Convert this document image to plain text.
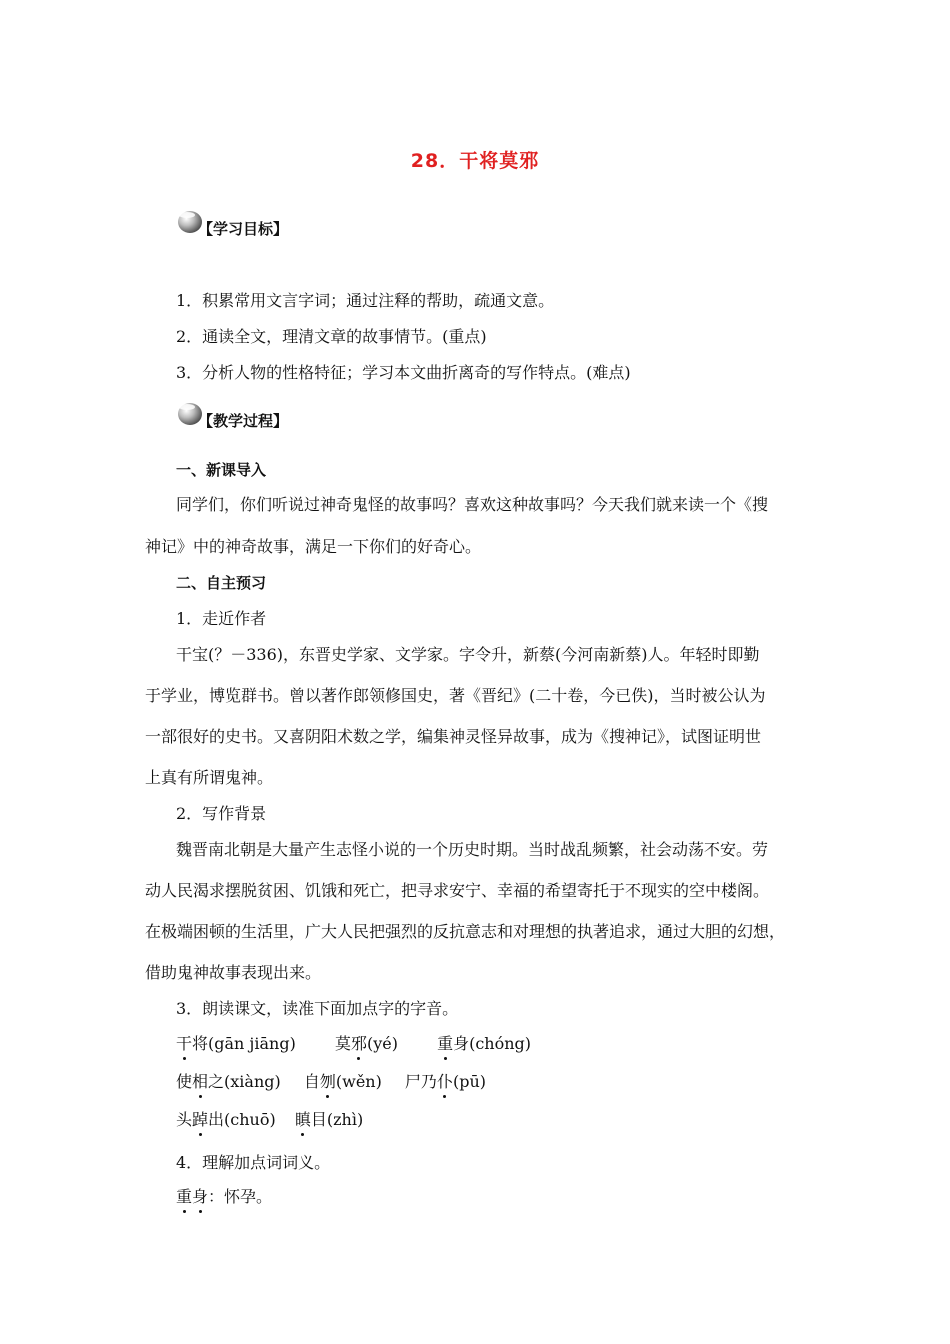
28．干将莫邪
【学习目标】
1．积累常用文言字词；通过注释的帮助，疏通文意。
2．通读全文，理清文章的故事情节。(重点)
3．分析人物的性格特征；学习本文曲折离奇的写作特点。(难点)
【教学过程】
一、新课导入
同学们，你们听说过神奇鬼怪的故事吗？喜欢这种故事吗？今天我们就来读一个《搜
神记》中的神奇故事，满足一下你们的好奇心。
二、自主预习
1．走近作者
干宝(？－336)，东晋史学家、文学家。字令升，新蔡(今河南新蔡)人。年轻时即勤
于学业，博览群书。曾以著作郎领修国史，著《晋纪》(二十卷，今已佚)，当时被公认为
一部很好的史书。又喜阴阳术数之学，编集神灵怪异故事，成为《搜神记》，试图证明世
上真有所谓鬼神。
2．写作背景
魏晋南北朝是大量产生志怪小说的一个历史时期。当时战乱频繁，社会动荡不安。劳
动人民渴求摆脱贫困、饥饿和死亡，把寻求安宁、幸福的希望寄托于不现实的空中楼阁。
在极端困顿的生活里，广大人民把强烈的反抗意志和对理想的执著追求，通过大胆的幻想，
借助鬼神故事表现出来。
3．朗读课文，读准下面加点字的字音。
干将(gān jiāng) 莫邪(yé) 重身(chóng)
使相之(xiàng) 自刎(wěn) 尸乃仆(pū)
头踔出(chuō) 瞋目(zhì)
4．理解加点词词义。
重身：怀孕。
